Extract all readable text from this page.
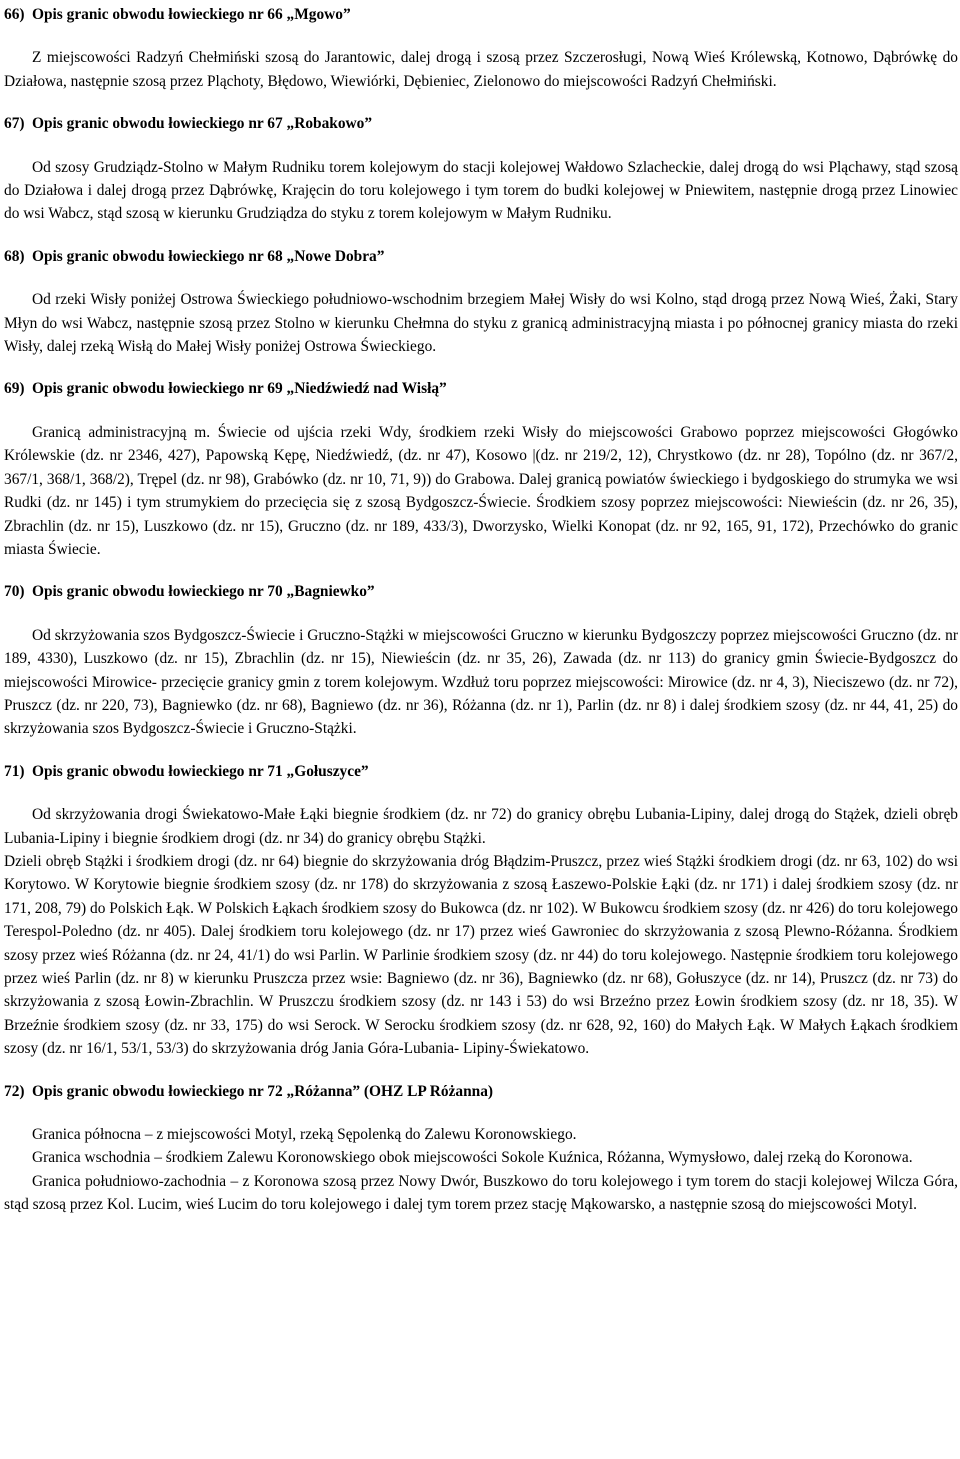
66) Opis granic obwodu łowieckiego nr 66 „Mgowo”

Z miejscowości Radzyń Chełmiński szosą do Jarantowic, dalej drogą i szosą przez Szczerosługi, Nową Wieś Królewską, Kotnowo, Dąbrówkę do Działowa, następnie szosą przez Pląchoty, Błędowo, Wiewiórki, Dębieniec, Zielonowo do miejscowości Radzyń Chełmiński.

67) Opis granic obwodu łowieckiego nr 67 „Robakowo”

Od szosy Grudziądz-Stolno w Małym Rudniku torem kolejowym do stacji kolejowej Wałdowo Szlacheckie, dalej drogą do wsi Pląchawy, stąd szosą do Działowa i dalej drogą przez Dąbrówkę, Krajęcin do toru kolejowego i tym torem do budki kolejowej w Pniewitem, następnie drogą przez Linowiec do wsi Wabcz, stąd szosą w kierunku Grudziądza do styku z torem kolejowym w Małym Rudniku.

68) Opis granic obwodu łowieckiego nr 68 „Nowe Dobra”

Od rzeki Wisły poniżej Ostrowa Świeckiego południowo-wschodnim brzegiem Małej Wisły do wsi Kolno, stąd drogą przez Nową Wieś, Żaki, Stary Młyn do wsi Wabcz, następnie szosą przez Stolno w kierunku Chełmna do styku z granicą administracyjną miasta i po północnej granicy miasta do rzeki Wisły, dalej rzeką Wisłą do Małej Wisły poniżej Ostrowa Świeckiego.

69) Opis granic obwodu łowieckiego nr 69 „Niedźwiedź nad Wisłą”

Granicą administracyjną m. Świecie od ujścia rzeki Wdy, środkiem rzeki Wisły do miejscowości Grabowo poprzez miejscowości Głogówko Królewskie (dz. nr 2346, 427), Papowską Kępę, Niedźwiedź, (dz. nr 47), Kosowo |(dz. nr 219/2, 12), Chrystkowo (dz. nr 28), Topólno (dz. nr 367/2, 367/1, 368/1, 368/2), Trępel (dz. nr 98), Grabówko (dz. nr 10, 71, 9)) do Grabowa. Dalej granicą powiatów świeckiego i bydgoskiego do strumyka we wsi Rudki (dz. nr 145) i tym strumykiem do przecięcia się z szosą Bydgoszcz-Świecie. Środkiem szosy poprzez miejscowości: Niewieścin (dz. nr 26, 35), Zbrachlin (dz. nr 15), Luszkowo (dz. nr 15), Gruczno (dz. nr 189, 433/3), Dworzysko, Wielki Konopat (dz. nr 92, 165, 91, 172), Przechówko do granic miasta Świecie.

70) Opis granic obwodu łowieckiego nr 70 „Bagniewko”

Od skrzyżowania szos Bydgoszcz-Świecie i Gruczno-Stążki w miejscowości Gruczno w kierunku Bydgoszczy poprzez miejscowości Gruczno (dz. nr 189, 4330), Luszkowo (dz. nr 15), Zbrachlin (dz. nr 15), Niewieścin (dz. nr 35, 26), Zawada (dz. nr 113) do granicy gmin Świecie-Bydgoszcz do miejscowości Mirowice- przecięcie granicy gmin z torem kolejowym. Wzdłuż toru poprzez miejscowości: Mirowice (dz. nr 4, 3), Nieciszewo (dz. nr 72), Pruszcz (dz. nr 220, 73), Bagniewko (dz. nr 68), Bagniewo (dz. nr 36), Różanna (dz. nr 1), Parlin (dz. nr 8) i dalej środkiem szosy (dz. nr 44, 41, 25) do skrzyżowania szos Bydgoszcz-Świecie i Gruczno-Stążki.

71) Opis granic obwodu łowieckiego nr 71 „Gołuszyce”

Od skrzyżowania drogi Świekatowo-Małe Łąki biegnie środkiem (dz. nr 72) do granicy obrębu Lubania-Lipiny, dalej drogą do Stążek, dzieli obręb Lubania-Lipiny i biegnie środkiem drogi (dz. nr 34) do granicy obrębu Stążki.

Dzieli obręb Stążki i środkiem drogi (dz. nr 64) biegnie do skrzyżowania dróg Błądzim-Pruszcz, przez wieś Stążki środkiem drogi (dz. nr 63, 102) do wsi Korytowo. W Korytowie biegnie środkiem szosy (dz. nr 178) do skrzyżowania z szosą Łaszewo-Polskie Łąki (dz. nr 171) i dalej środkiem szosy (dz. nr 171, 208, 79) do Polskich Łąk. W Polskich Łąkach środkiem szosy do Bukowca (dz. nr 102). W Bukowcu środkiem szosy (dz. nr 426) do toru kolejowego Terespol-Poledno (dz. nr 405). Dalej środkiem toru kolejowego (dz. nr 17) przez wieś Gawroniec do skrzyżowania z szosą Plewno-Różanna. Środkiem szosy przez wieś Różanna (dz. nr 24, 41/1) do wsi Parlin. W Parlinie środkiem szosy (dz. nr 44) do toru kolejowego. Następnie środkiem toru kolejowego przez wieś Parlin (dz. nr 8) w kierunku Pruszcza przez wsie: Bagniewo (dz. nr 36), Bagniewko (dz. nr 68), Gołuszyce (dz. nr 14), Pruszcz (dz. nr 73) do skrzyżowania z szosą Łowin-Zbrachlin. W Pruszczu środkiem szosy (dz. nr 143 i 53) do wsi Brzeźno przez Łowin środkiem szosy (dz. nr 18, 35). W Brzeźnie środkiem szosy (dz. nr 33, 175) do wsi Serock. W Serocku środkiem szosy (dz. nr 628, 92, 160) do Małych Łąk. W Małych Łąkach środkiem szosy (dz. nr 16/1, 53/1, 53/3) do skrzyżowania dróg Jania Góra-Lubania- Lipiny-Świekatowo.

72) Opis granic obwodu łowieckiego nr 72 „Różanna” (OHZ LP Różanna)

Granica północna – z miejscowości Motyl, rzeką Sępolenką do Zalewu Koronowskiego.

Granica wschodnia – środkiem Zalewu Koronowskiego obok miejscowości Sokole Kuźnica, Różanna, Wymysłowo, dalej rzeką do Koronowa.

Granica południowo-zachodnia – z Koronowa szosą przez Nowy Dwór, Buszkowo do toru kolejowego i tym torem do stacji kolejowej Wilcza Góra, stąd szosą przez Kol. Lucim, wieś Lucim do toru kolejowego i dalej tym torem przez stację Mąkowarsko, a następnie szosą do miejscowości Motyl.
